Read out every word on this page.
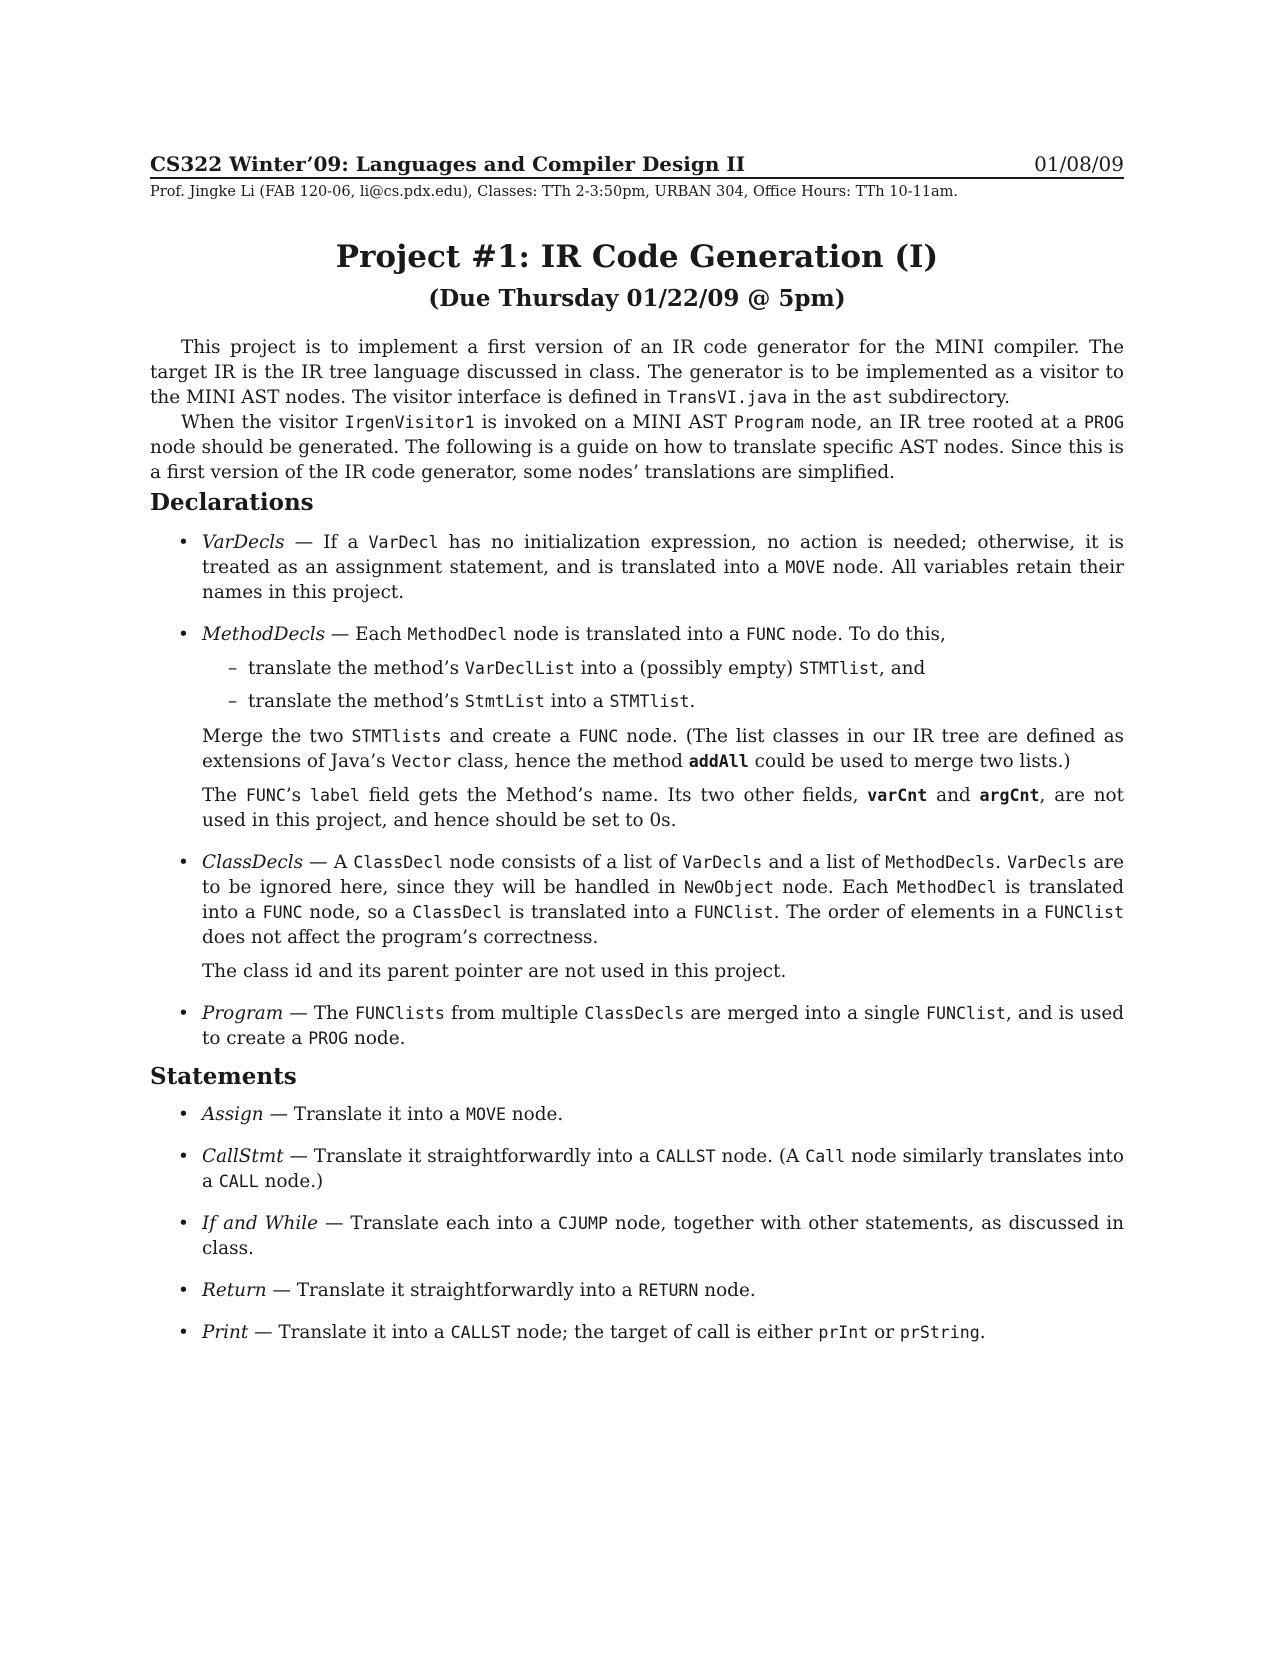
CS322 Winter’09: Languages and Compiler Design II	01/08/09
Prof. Jingke Li (FAB 120-06, li@cs.pdx.edu), Classes: TTh 2-3:50pm, URBAN 304, Office Hours: TTh 10-11am.
Project #1: IR Code Generation (I)
(Due Thursday 01/22/09 @ 5pm)

This project is to implement a first version of an IR code generator for the MINI compiler. The target IR is the IR tree language discussed in class. The generator is to be implemented as a visitor to the MINI AST nodes. The visitor interface is defined in TransVI.java in the ast subdirectory.

When the visitor IrgenVisitor1 is invoked on a MINI AST Program node, an IR tree rooted at a PROG node should be generated. The following is a guide on how to translate specific AST nodes. Since this is a first version of the IR code generator, some nodes’ translations are simplified.

Declarations
• VarDecls — If a VarDecl has no initialization expression, no action is needed; otherwise, it is treated as an assignment statement, and is translated into a MOVE node. All variables retain their names in this project.

• MethodDecls — Each MethodDecl node is translated into a FUNC node. To do this,

– translate the method’s VarDeclList into a (possibly empty) STMTlist, and
– translate the method’s StmtList into a STMTlist.

Merge the two STMTlists and create a FUNC node. (The list classes in our IR tree are defined as extensions of Java’s Vector class, hence the method addAll could be used to merge two lists.)

The FUNC’s label field gets the Method’s name. Its two other fields, varCnt and argCnt, are not used in this project, and hence should be set to 0s.

• ClassDecls — A ClassDecl node consists of a list of VarDecls and a list of MethodDecls. VarDecls are to be ignored here, since they will be handled in NewObject node. Each MethodDecl is translated into a FUNC node, so a ClassDecl is translated into a FUNClist. The order of elements in a FUNClist does not affect the program’s correctness.

The class id and its parent pointer are not used in this project.

• Program — The FUNClists from multiple ClassDecls are merged into a single FUNClist, and is used to create a PROG node.

Statements
• Assign — Translate it into a MOVE node.

• CallStmt — Translate it straightforwardly into a CALLST node. (A Call node similarly translates into a CALL node.)

• If and While — Translate each into a CJUMP node, together with other statements, as discussed in class.

• Return — Translate it straightforwardly into a RETURN node.

• Print — Translate it into a CALLST node; the target of call is either prInt or prString.
